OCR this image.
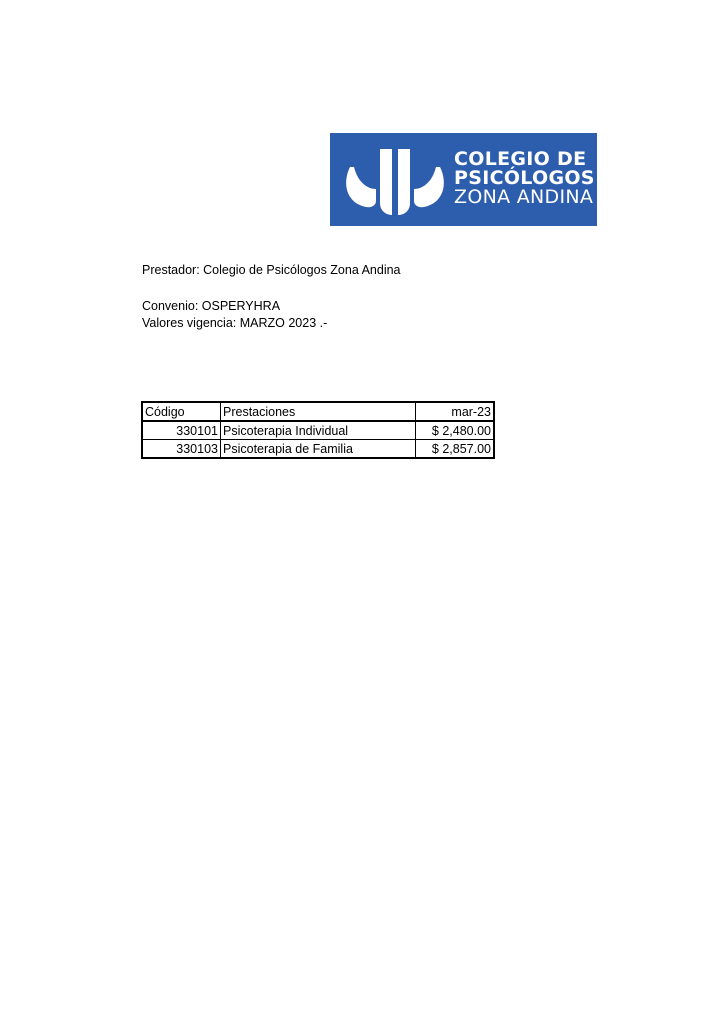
COLEGIO DE
PSICÓLOGOS
ZONA ANDINA
Prestador: Colegio de Psicólogos Zona Andina
Convenio: OSPERYHRA
Valores vigencia: MARZO 2023 .-
Código	Prestaciones	mar-23
330101	Psicoterapia Individual	$ 2,480.00
330103	Psicoterapia de Familia	$ 2,857.00
